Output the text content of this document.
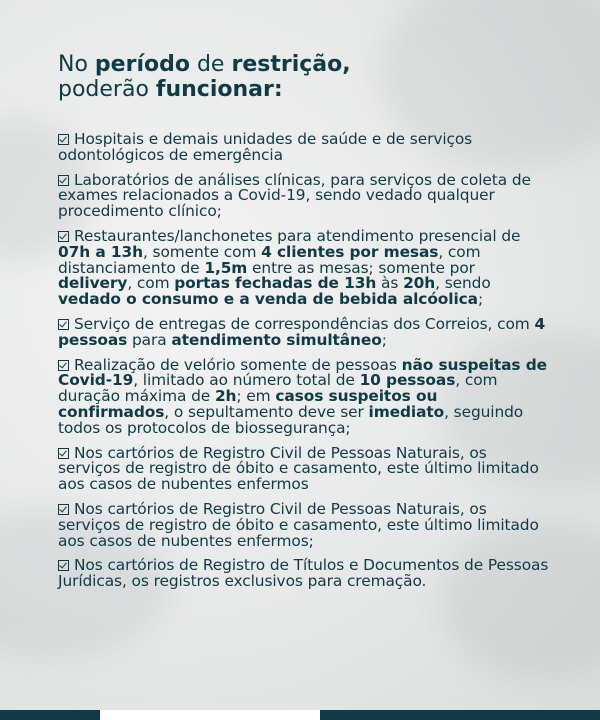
No período de restrição,
poderão funcionar:
Hospitais e demais unidades de saúde e de serviços odontológicos de emergência
Laboratórios de análises clínicas, para serviços de coleta de exames relacionados a Covid-19, sendo vedado qualquer procedimento clínico;
Restaurantes/lanchonetes para atendimento presencial de 07h a 13h, somente com 4 clientes por mesas, com distanciamento de 1,5m entre as mesas; somente por delivery, com portas fechadas de 13h às 20h, sendo vedado o consumo e a venda de bebida alcóolica;
Serviço de entregas de correspondências dos Correios, com 4 pessoas para atendimento simultâneo;
Realização de velório somente de pessoas não suspeitas de Covid-19, limitado ao número total de 10 pessoas, com duração máxima de 2h; em casos suspeitos ou confirmados, o sepultamento deve ser imediato, seguindo todos os protocolos de biossegurança;
Nos cartórios de Registro Civil de Pessoas Naturais, os serviços de registro de óbito e casamento, este último limitado aos casos de nubentes enfermos
Nos cartórios de Registro Civil de Pessoas Naturais, os serviços de registro de óbito e casamento, este último limitado aos casos de nubentes enfermos;
Nos cartórios de Registro de Títulos e Documentos de Pessoas Jurídicas, os registros exclusivos para cremação.
